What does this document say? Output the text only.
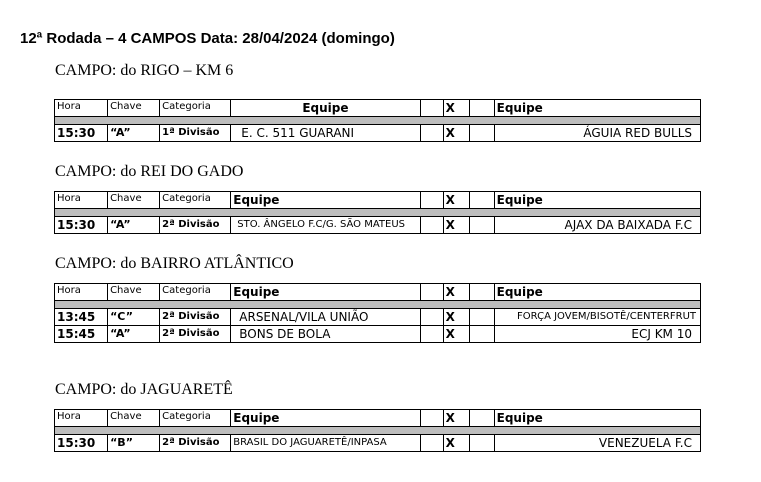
12ª Rodada – 4 CAMPOS Data: 28/04/2024 (domingo)
CAMPO: do RIGO – KM 6
Hora	Chave	Categoria	Equipe		X		Equipe

15:30	“A”	1ª Divisão	E. C. 511 GUARANI		X		ÁGUIA RED BULLS
CAMPO: do REI DO GADO
Hora	Chave	Categoria	Equipe		X		Equipe

15:30	“A”	2ª Divisão	STO. ÂNGELO F.C/G. SÃO MATEUS		X		AJAX DA BAIXADA F.C
CAMPO: do BAIRRO ATLÂNTICO
Hora	Chave	Categoria	Equipe		X		Equipe

13:45	“C”	2ª Divisão	ARSENAL/VILA UNIÃO		X		FORÇA JOVEM/BISOTÊ/CENTERFRUT
15:45	“A”	2ª Divisão	BONS DE BOLA		X		ECJ KM 10
CAMPO: do JAGUARETÊ
Hora	Chave	Categoria	Equipe		X		Equipe

15:30	“B”	2ª Divisão	BRASIL DO JAGUARETÊ/INPASA		X		VENEZUELA F.C
